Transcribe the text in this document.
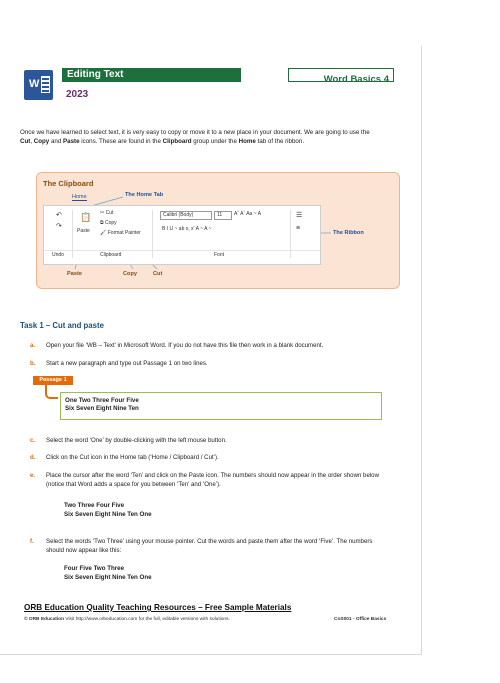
W
Editing Text
2023
Word Basics 4
Once we have learned to select text, it is very easy to copy or move it to a new place in your document. We are going to use the Cut, Copy and Paste icons. These are found in the Clipboard group under the Home tab of the ribbon.
The Clipboard
The Home Tab
The Ribbon
Home
↶
↷
📋
Paste
✂ Cut
⧉ Copy
🖌 Format Painter
Calibri (Body)	11 Aˆ Aˇ Aa ~ A
B I U ~ ab x, x' A ~ A ~
☰
≡
Undo	Clipboard	Font
Paste	Copy	Cut
Task 1 – Cut and paste
a. Open your file ‘WB – Text’ in Microsoft Word. If you do not have this file then work in a blank document.
b. Start a new paragraph and type out Passage 1 on two lines.
Passage 1
One Two Three Four Five
Six Seven Eight Nine Ten
c. Select the word ‘One’ by double-clicking with the left mouse button.
d. Click on the Cut icon in the Home tab (‘Home / Clipboard / Cut’).
e. Place the cursor after the word ‘Ten’ and click on the Paste icon. The numbers should now appear in the order shown below (notice that Word adds a space for you between ‘Ten’ and ‘One’).
Two Three Four Five
Six Seven Eight Nine Ten One
f. Select the words ‘Two Three’ using your mouse pointer. Cut the words and paste them after the word ‘Five’. The numbers should now appear like this:
Four Five Two Three
Six Seven Eight Nine Ten One
ORB Education Quality Teaching Resources – Free Sample Materials
© ORB Education Visit http://www.orbeducation.com for the full, editable versions with solutions.	CoS001 - Office Basics
